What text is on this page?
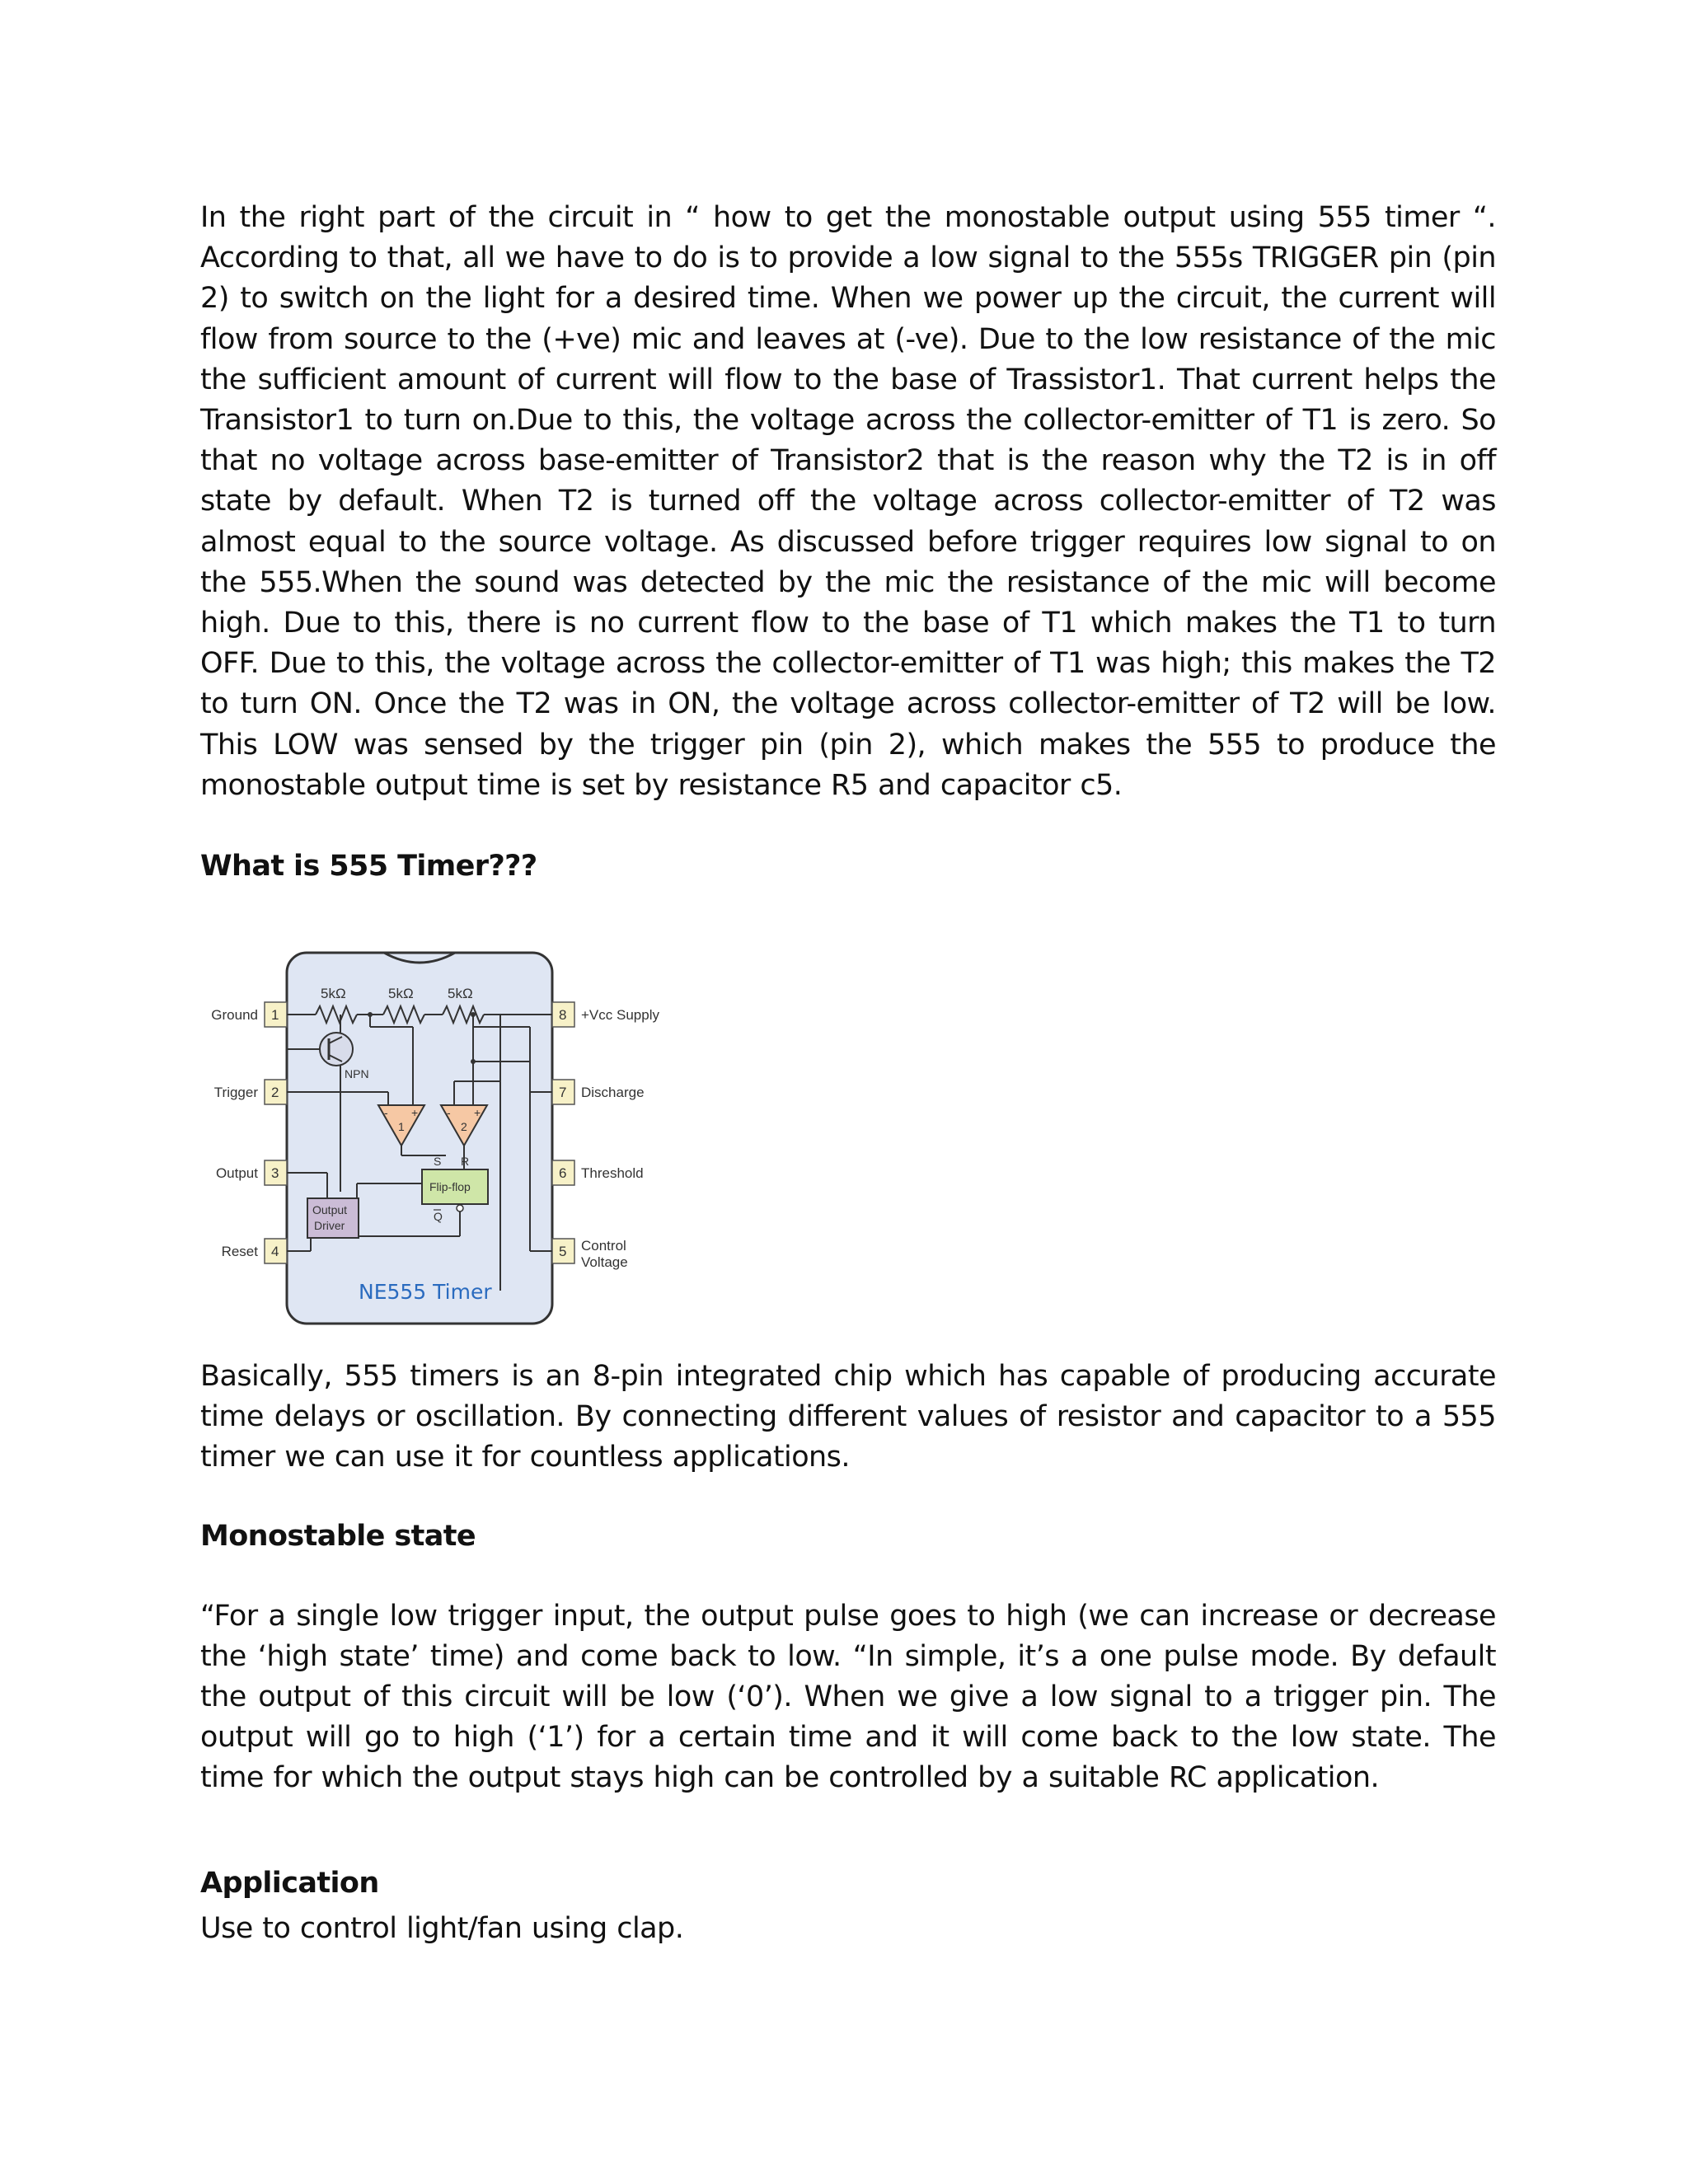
In the right part of the circuit in “ how to get the monostable output using 555 timer “. According to that, all we have to do is to provide a low signal to the 555s TRIGGER pin (pin 2) to switch on the light for a desired time. When we power up the circuit, the current will flow from source to the (+ve) mic and leaves at (-ve). Due to the low resistance of the mic the sufficient amount of current will flow to the base of Trassistor1. That current helps the Transistor1 to turn on.Due to this, the voltage across the collector-emitter of T1 is zero. So that no voltage across base-emitter of Transistor2 that is the reason why the T2 is in off state by default. When T2 is turned off the voltage across collector-emitter of T2 was almost equal to the source voltage. As discussed before trigger requires low signal to on the 555.When the sound was detected by the mic the resistance of the mic will become high. Due to this, there is no current flow to the base of T1 which makes the T1 to turn OFF. Due to this, the voltage across the collector-emitter of T1 was high; this makes the T2 to turn ON. Once the T2 was in ON, the voltage across collector-emitter of T2 will be low. This LOW was sensed by the trigger pin (pin 2), which makes the 555 to produce the monostable output time is set by resistance R5 and capacitor c5.

What is 555 Timer???
1
2
3
4
Ground
Trigger
Output
Reset
8
7
6
5
+Vcc Supply
Discharge
Threshold
Control
Voltage
5kΩ	5kΩ 5kΩ
NPN
- +
1
- +
2
S R
Flip-flop
Q
Output
Driver
NE555 Timer

Basically, 555 timers is an 8-pin integrated chip which has capable of producing accurate time delays or oscillation. By connecting different values of resistor and capacitor to a 555 timer we can use it for countless applications.

Monostable state

“For a single low trigger input, the output pulse goes to high (we can increase or decrease the ‘high state’ time) and come back to low. “In simple, it’s a one pulse mode. By default the output of this circuit will be low (‘0’). When we give a low signal to a trigger pin. The output will go to high (‘1’) for a certain time and it will come back to the low state. The time for which the output stays high can be controlled by a suitable RC application.

Application

Use to control light/fan using clap.
